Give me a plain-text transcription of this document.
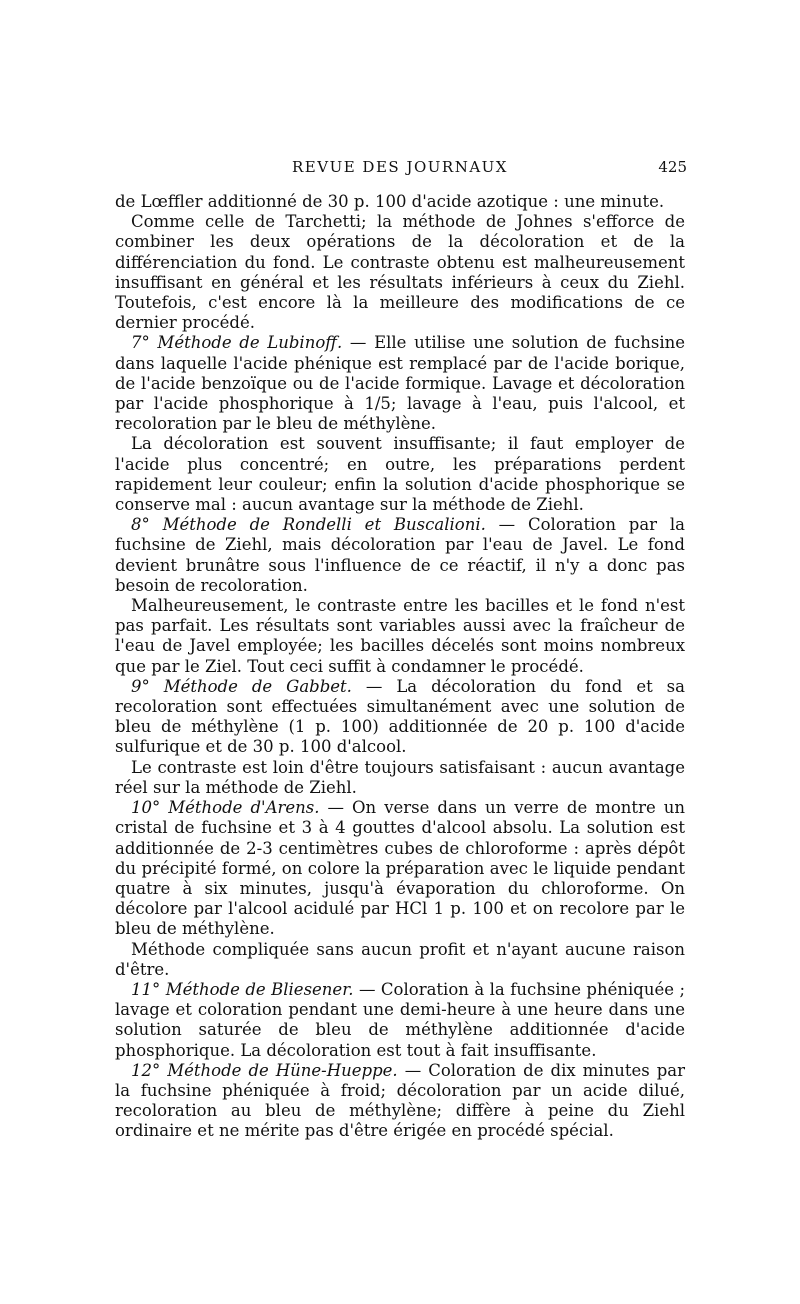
REVUE DES JOURNAUX	425

de Lœffler additionné de 30 p. 100 d'acide azotique : une minute.

Comme celle de Tarchetti; la méthode de Johnes s'efforce de combiner les deux opérations de la décoloration et de la différenciation du fond. Le contraste obtenu est malheureusement insuffisant en général et les résultats inférieurs à ceux du Ziehl. Toutefois, c'est encore là la meilleure des modifications de ce dernier procédé.

7° Méthode de Lubinoff. — Elle utilise une solution de fuchsine dans laquelle l'acide phénique est remplacé par de l'acide borique, de l'acide benzoïque ou de l'acide formique. Lavage et décoloration par l'acide phosphorique à 1/5; lavage à l'eau, puis l'alcool, et recoloration par le bleu de méthylène.

La décoloration est souvent insuffisante; il faut employer de l'acide plus concentré; en outre, les préparations perdent rapidement leur couleur; enfin la solution d'acide phosphorique se conserve mal : aucun avantage sur la méthode de Ziehl.

8° Méthode de Rondelli et Buscalioni. — Coloration par la fuchsine de Ziehl, mais décoloration par l'eau de Javel. Le fond devient brunâtre sous l'influence de ce réactif, il n'y a donc pas besoin de recoloration.

Malheureusement, le contraste entre les bacilles et le fond n'est pas parfait. Les résultats sont variables aussi avec la fraîcheur de l'eau de Javel employée; les bacilles décelés sont moins nombreux que par le Ziel. Tout ceci suffit à condamner le procédé.

9° Méthode de Gabbet. — La décoloration du fond et sa recoloration sont effectuées simultanément avec une solution de bleu de méthylène (1 p. 100) additionnée de 20 p. 100 d'acide sulfurique et de 30 p. 100 d'alcool.

Le contraste est loin d'être toujours satisfaisant : aucun avantage réel sur la méthode de Ziehl.

10° Méthode d'Arens. — On verse dans un verre de montre un cristal de fuchsine et 3 à 4 gouttes d'alcool absolu. La solution est additionnée de 2-3 centimètres cubes de chloroforme : après dépôt du précipité formé, on colore la préparation avec le liquide pendant quatre à six minutes, jusqu'à évaporation du chloroforme. On décolore par l'alcool acidulé par HCl 1 p. 100 et on recolore par le bleu de méthylène.

Méthode compliquée sans aucun profit et n'ayant aucune raison d'être.

11° Méthode de Bliesener. — Coloration à la fuchsine phéniquée ; lavage et coloration pendant une demi-heure à une heure dans une solution saturée de bleu de méthylène additionnée d'acide phosphorique. La décoloration est tout à fait insuffisante.

12° Méthode de Hüne-Hueppe. — Coloration de dix minutes par la fuchsine phéniquée à froid; décoloration par un acide dilué, recoloration au bleu de méthylène; diffère à peine du Ziehl ordinaire et ne mérite pas d'être érigée en procédé spécial.
